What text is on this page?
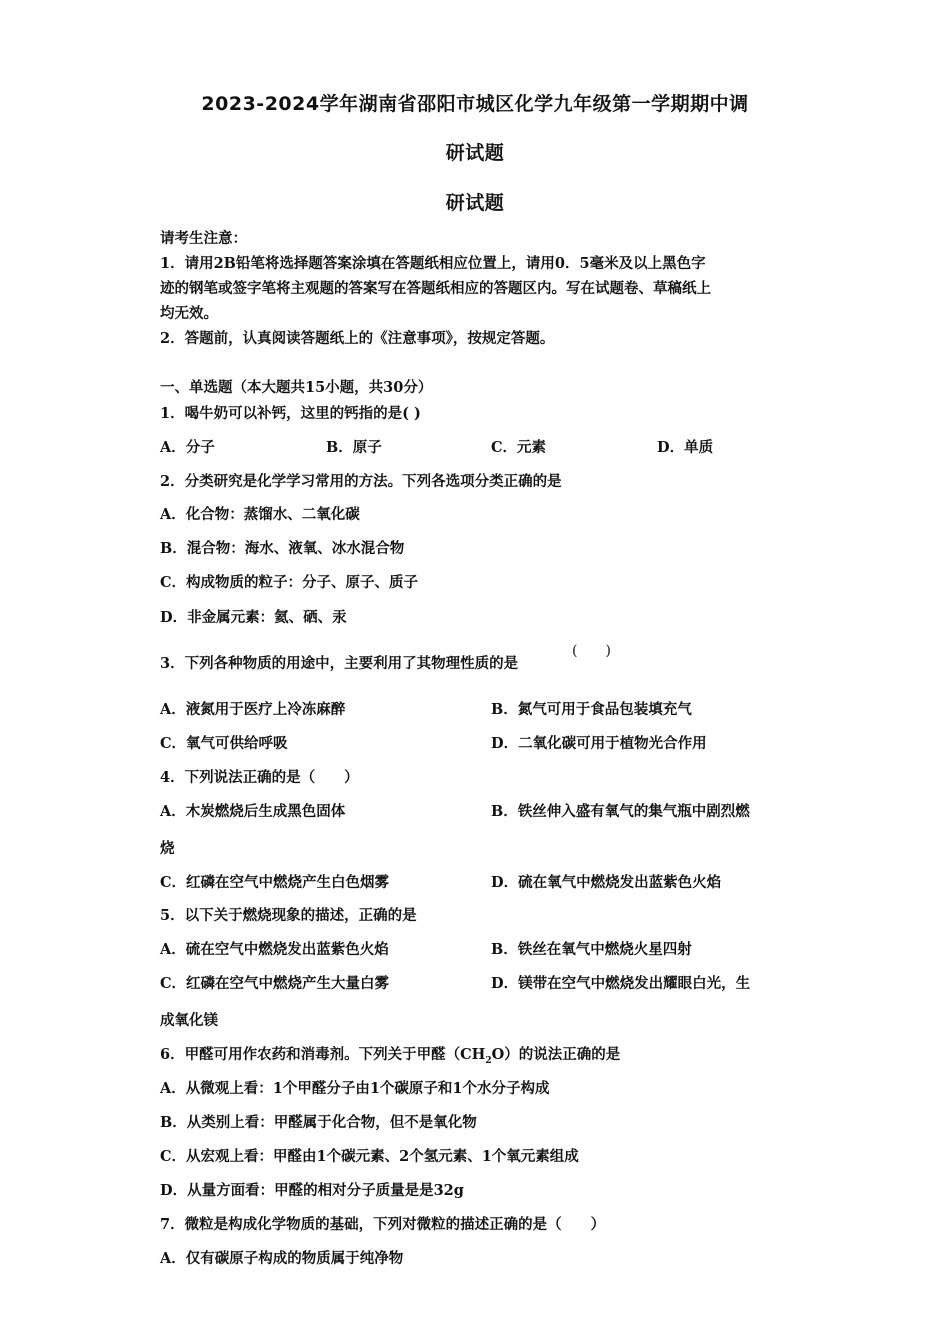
2023-2024学年湖南省邵阳市城区化学九年级第一学期期中调
研试题
研试题
请考生注意：
1．请用2B铅笔将选择题答案涂填在答题纸相应位置上，请用0．5毫米及以上黑色字
迹的钢笔或签字笔将主观题的答案写在答题纸相应的答题区内。写在试题卷、草稿纸上
均无效。
2．答题前，认真阅读答题纸上的《注意事项》，按规定答题。
一、单选题（本大题共15小题，共30分）
1．喝牛奶可以补钙，这里的钙指的是( )
A．分子	B．原子	C．元素	D．单质
2．分类研究是化学学习常用的方法。下列各选项分类正确的是
A．化合物：蒸馏水、二氧化碳
B．混合物：海水、液氧、冰水混合物
C．构成物质的粒子：分子、原子、质子
D．非金属元素：氦、硒、汞
3．下列各种物质的用途中，主要利用了其物理性质的是
(　　)
A．液氮用于医疗上冷冻麻醉	B．氮气可用于食品包装填充气
C．氧气可供给呼吸	D．二氧化碳可用于植物光合作用
4．下列说法正确的是（　　）
A．木炭燃烧后生成黑色固体	B．铁丝伸入盛有氧气的集气瓶中剧烈燃
烧
C．红磷在空气中燃烧产生白色烟雾	D．硫在氧气中燃烧发出蓝紫色火焰
5．以下关于燃烧现象的描述，正确的是
A．硫在空气中燃烧发出蓝紫色火焰	B．铁丝在氧气中燃烧火星四射
C．红磷在空气中燃烧产生大量白雾	D．镁带在空气中燃烧发出耀眼白光，生
成氧化镁
6．甲醛可用作农药和消毒剂。下列关于甲醛$(CH_2O)$的说法正确的是
A．从微观上看：1个甲醛分子由1个碳原子和1个水分子构成
B．从类别上看：甲醛属于化合物，但不是氧化物
C．从宏观上看：甲醛由1个碳元素、2个氢元素、1个氧元素组成
D．从量方面看：甲醛的相对分子质量是是32g
7．微粒是构成化学物质的基础，下列对微粒的描述正确的是（　　）
A．仅有碳原子构成的物质属于纯净物
